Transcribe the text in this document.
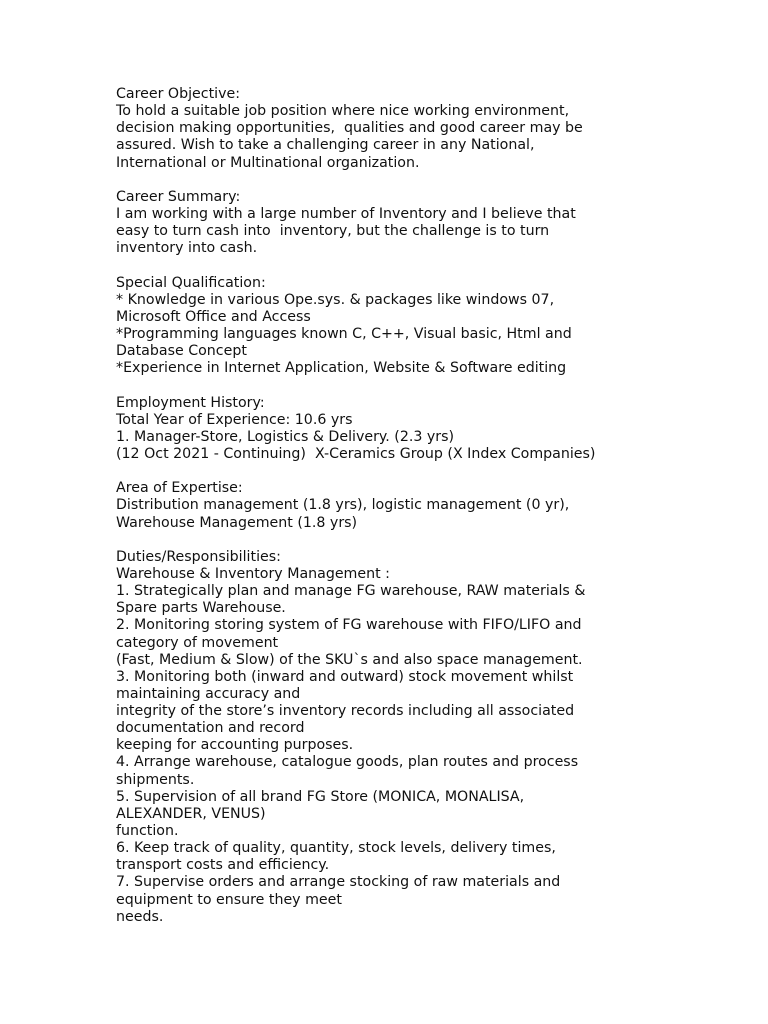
Career Objective:
To hold a suitable job position where nice working environment,
decision making opportunities,  qualities and good career may be
assured. Wish to take a challenging career in any National,
International or Multinational organization.
Career Summary:
I am working with a large number of Inventory and I believe that
easy to turn cash into  inventory, but the challenge is to turn
inventory into cash.
Special Qualification:
* Knowledge in various Ope.sys. & packages like windows 07,
Microsoft Office and Access
*Programming languages known C, C++, Visual basic, Html and
Database Concept
*Experience in Internet Application, Website & Software editing
Employment History:
Total Year of Experience: 10.6 yrs
1. Manager-Store, Logistics & Delivery. (2.3 yrs)
(12 Oct 2021 - Continuing)  X-Ceramics Group (X Index Companies)
Area of Expertise:
Distribution management (1.8 yrs), logistic management (0 yr),
Warehouse Management (1.8 yrs)
Duties/Responsibilities:
Warehouse & Inventory Management :
1. Strategically plan and manage FG warehouse, RAW materials &
Spare parts Warehouse.
2. Monitoring storing system of FG warehouse with FIFO/LIFO and
category of movement
(Fast, Medium & Slow) of the SKU`s and also space management.
3. Monitoring both (inward and outward) stock movement whilst
maintaining accuracy and
integrity of the store’s inventory records including all associated
documentation and record
keeping for accounting purposes.
4. Arrange warehouse, catalogue goods, plan routes and process
shipments.
5. Supervision of all brand FG Store (MONICA, MONALISA,
ALEXANDER, VENUS)
function.
6. Keep track of quality, quantity, stock levels, delivery times,
transport costs and efficiency.
7. Supervise orders and arrange stocking of raw materials and
equipment to ensure they meet
needs.
